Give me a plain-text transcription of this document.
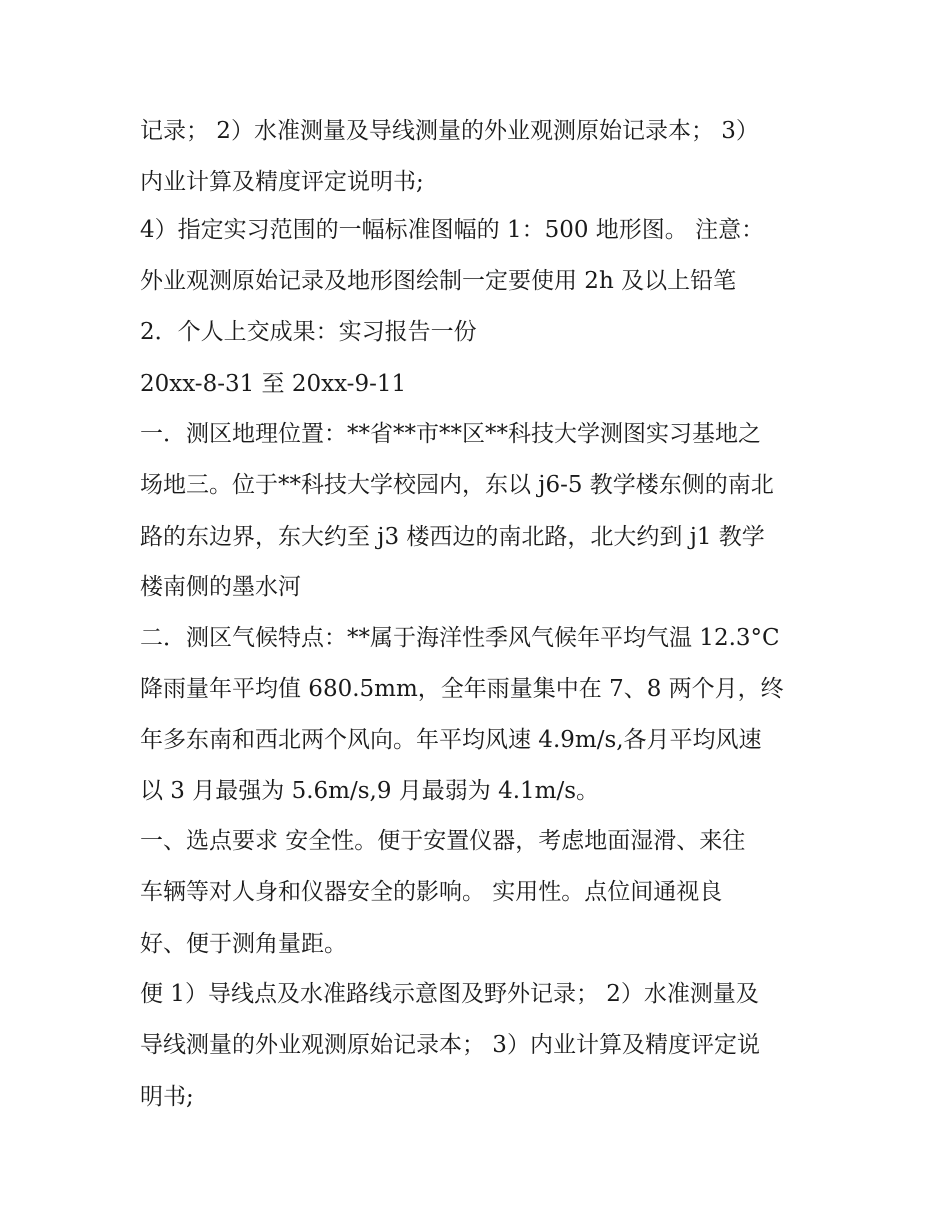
记录； 2）水准测量及导线测量的外业观测原始记录本； 3）
内业计算及精度评定说明书;
4）指定实习范围的一幅标准图幅的 1：500 地形图。 注意：
外业观测原始记录及地形图绘制一定要使用 2h 及以上铅笔
2．个人上交成果：实习报告一份
20xx-8-31 至 20xx-9-11
一．测区地理位置：**省**市**区**科技大学测图实习基地之
场地三。位于**科技大学校园内，东以 j6-5 教学楼东侧的南北
路的东边界，东大约至 j3 楼西边的南北路，北大约到 j1 教学
楼南侧的墨水河
二．测区气候特点：**属于海洋性季风气候年平均气温 12.3°C
降雨量年平均值 680.5mm，全年雨量集中在 7、8 两个月，终
年多东南和西北两个风向。年平均风速 4.9m/s,各月平均风速
以 3 月最强为 5.6m/s,9 月最弱为 4.1m/s。
一、选点要求 安全性。便于安置仪器，考虑地面湿滑、来往
车辆等对人身和仪器安全的影响。 实用性。点位间通视良
好、便于测角量距。
便 1）导线点及水准路线示意图及野外记录； 2）水准测量及
导线测量的外业观测原始记录本； 3）内业计算及精度评定说
明书;
